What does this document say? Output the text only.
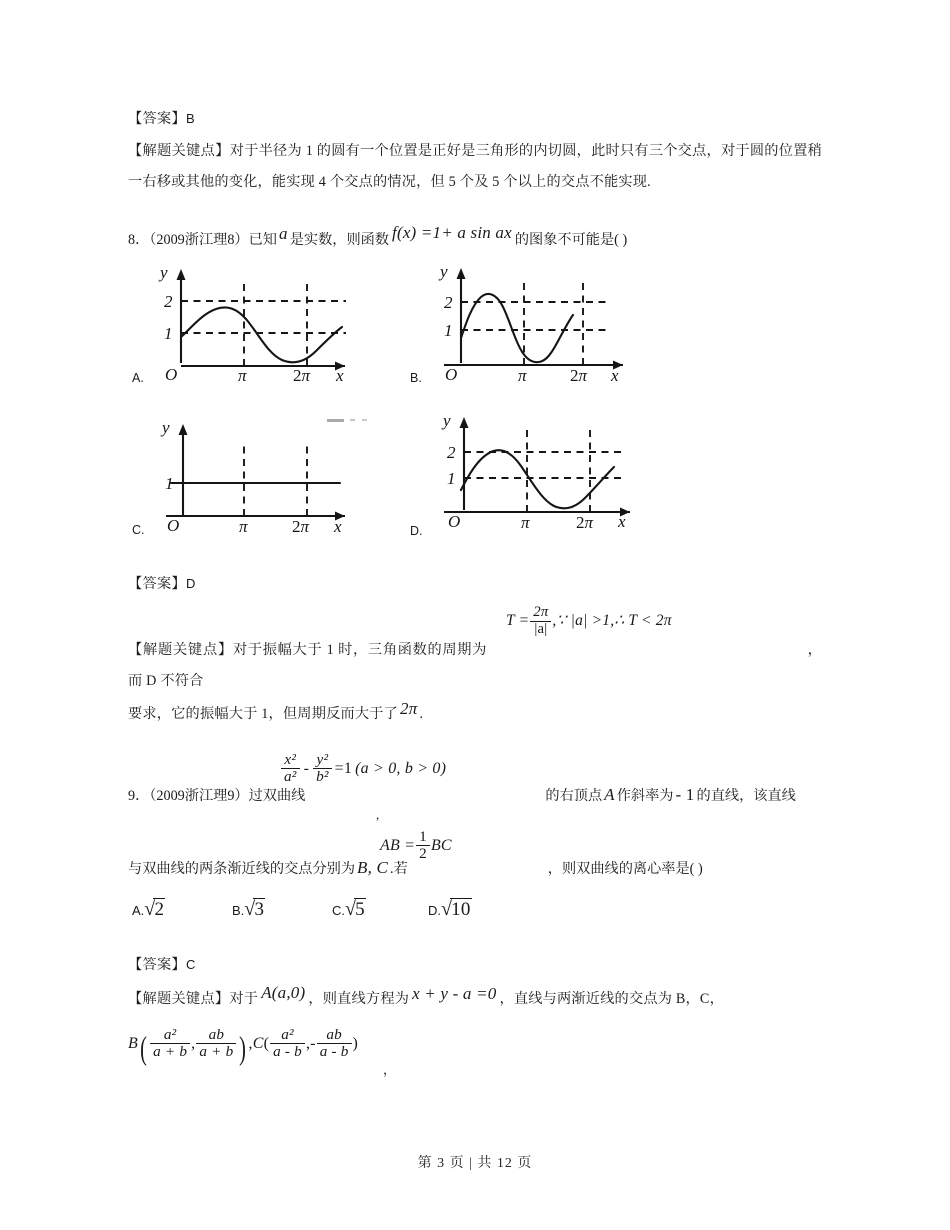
【答案】B
【解题关键点】对于半径为 1 的圆有一个位置是正好是三角形的内切圆，此时只有三个交点，对于圆的位置稍一右移或其他的变化，能实现 4 个交点的情况，但 5 个及 5 个以上的交点不能实现.
8．（2009浙江理8）已知 a 是实数，则函数 f(x) =1+ a sin ax 的图象不可能是( )
y
2
1
O	π	2π x
A.
y
2
1
O	π	2π x
B.
y
1
O	π	2π x
C.
y
2
1
O	π	2π x
D.
【答案】D
$T = \frac{2\pi}{|a|}$ ,∵ |a| >1,∴ T < 2π
【解题关键点】对于振幅大于 1 时，三角函数的周期为	，而 D 不符合
要求，它的振幅大于 1，但周期反而大于了 2π .
$\frac{\text{x²}}{\text{a²}} - \frac{\text{y²}}{\text{b²}} =1$ (a > 0, b > 0)
9．（2009浙江理9）过双曲线	的右顶点 A 作斜率为 - 1 的直线，该直线
,
AB = $\frac{1}{2}$ BC
与双曲线的两条渐近线的交点分别为 B, C .若	，则双曲线的离心率是( )
A.√2	B.√3	C.√5	D.√10
【答案】C
【解题关键点】对于 A(a,0) ，则直线方程为 x + y - a =0 ，直线与两渐近线的交点为 B，C，
$B( \frac{\text{a²}}{a + b}$ , $\frac{ab}{a + b}$ ) $,C( \frac{\text{a²}}{a - b}$ ,- $\frac{ab}{a - b}$ )
，
第 3 页 | 共 12 页
